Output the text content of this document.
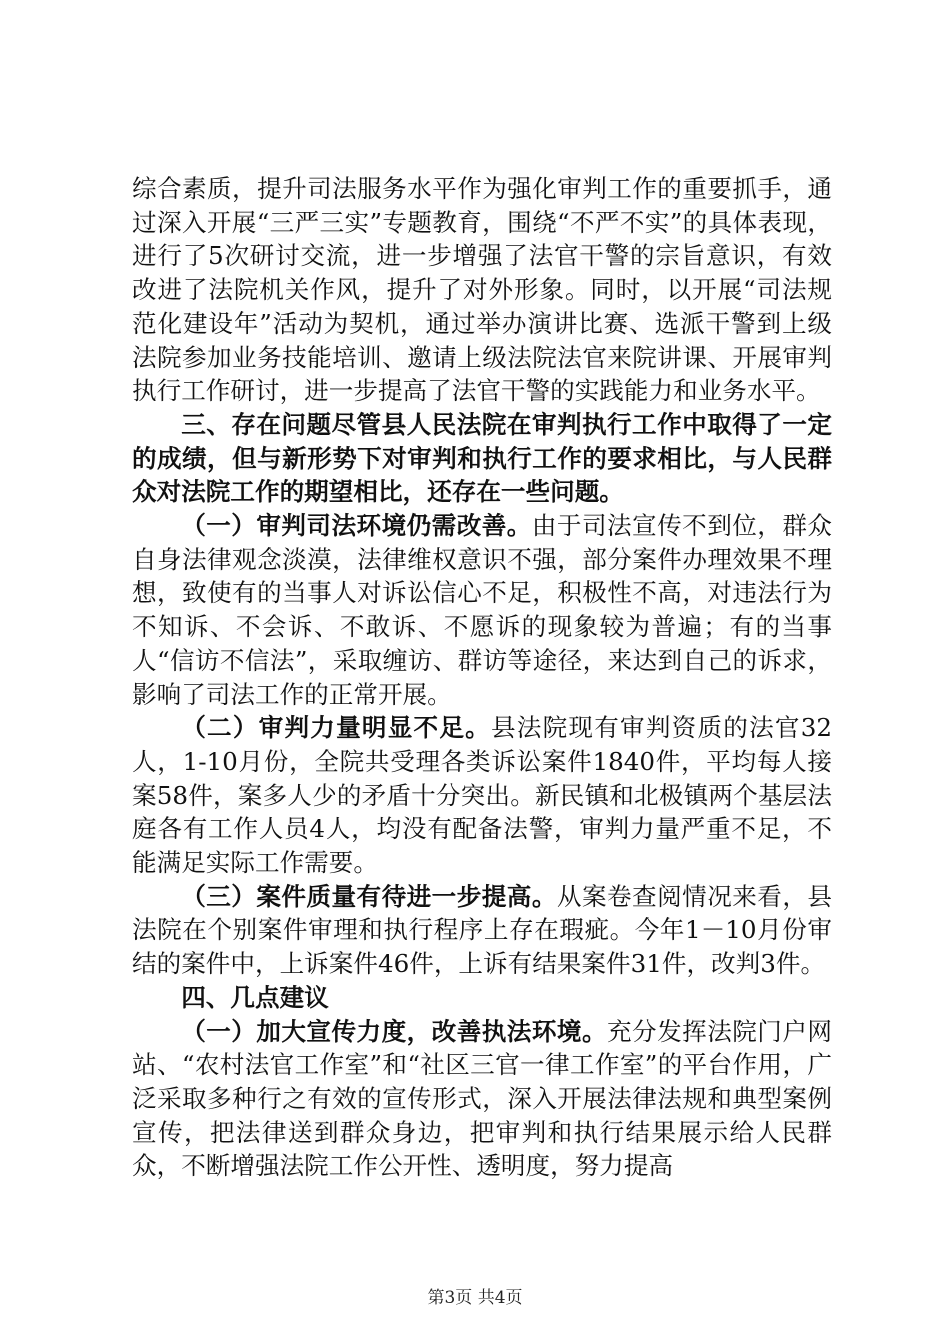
综合素质，提升司法服务水平作为强化审判工作的重要抓手，通过深入开展“三严三实”专题教育，围绕“不严不实”的具体表现，进行了5次研讨交流，进一步增强了法官干警的宗旨意识，有效改进了法院机关作风，提升了对外形象。同时，以开展“司法规范化建设年”活动为契机，通过举办演讲比赛、选派干警到上级法院参加业务技能培训、邀请上级法院法官来院讲课、开展审判执行工作研讨，进一步提高了法官干警的实践能力和业务水平。

三、存在问题尽管县人民法院在审判执行工作中取得了一定的成绩，但与新形势下对审判和执行工作的要求相比，与人民群众对法院工作的期望相比，还存在一些问题。

（一）审判司法环境仍需改善。由于司法宣传不到位，群众自身法律观念淡漠，法律维权意识不强，部分案件办理效果不理想，致使有的当事人对诉讼信心不足，积极性不高，对违法行为不知诉、不会诉、不敢诉、不愿诉的现象较为普遍；有的当事人“信访不信法”，采取缠访、群访等途径，来达到自己的诉求，影响了司法工作的正常开展。

（二）审判力量明显不足。县法院现有审判资质的法官32人，1-10月份，全院共受理各类诉讼案件1840件，平均每人接案58件，案多人少的矛盾十分突出。新民镇和北极镇两个基层法庭各有工作人员4人，均没有配备法警，审判力量严重不足，不能满足实际工作需要。

（三）案件质量有待进一步提高。从案卷查阅情况来看，县法院在个别案件审理和执行程序上存在瑕疵。今年1－10月份审结的案件中，上诉案件46件，上诉有结果案件31件，改判3件。

四、几点建议

（一）加大宣传力度，改善执法环境。充分发挥法院门户网站、“农村法官工作室”和“社区三官一律工作室”的平台作用，广泛采取多种行之有效的宣传形式，深入开展法律法规和典型案例宣传，把法律送到群众身边，把审判和执行结果展示给人民群众，不断增强法院工作公开性、透明度，努力提高

第3页 共4页
